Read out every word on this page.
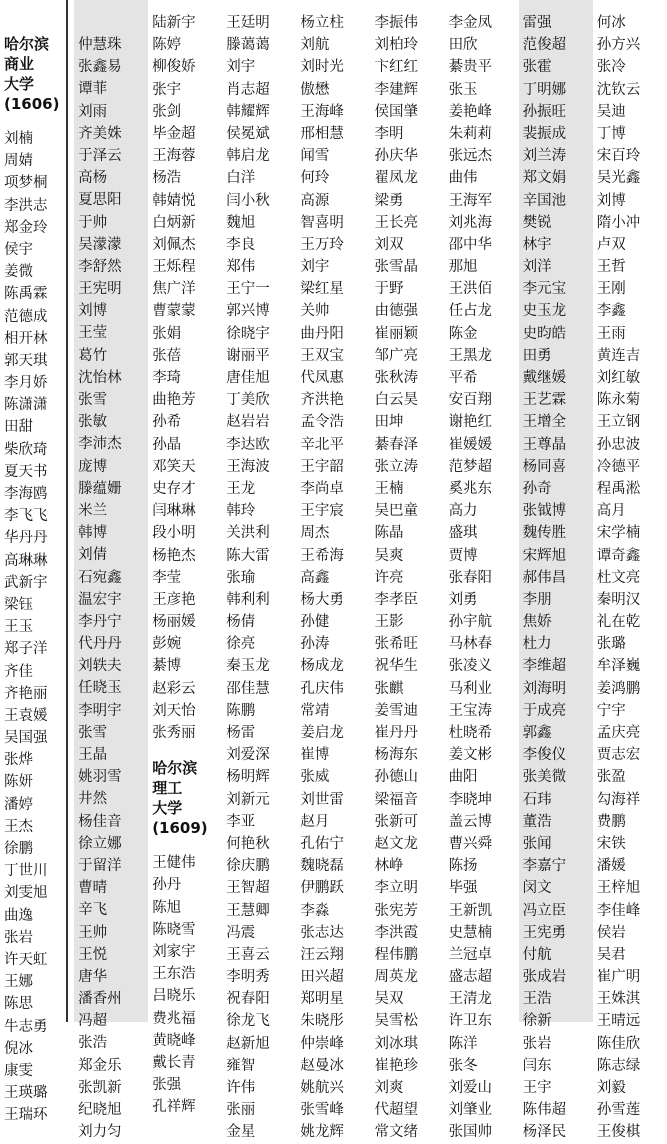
哈尔滨
商业
大学
(1606)
刘楠
周婧
项梦桐
李洪志
郑金玲
侯宇
姜微
陈禹霖
范德成
相开林
郭天琪
李月娇
陈潇潇
田甜
柴欣琦
夏天书
李海鸥
李飞飞
华丹丹
高琳琳
武新宇
梁钰
王玉
郑子洋
齐佳
齐艳丽
王袁媛
吴国强
张烨
陈妍
潘婷
王杰
徐鹏
丁世川
刘雯旭
曲逸
张岩
许天虹
王娜
陈思
牛志勇
倪冰
康雯
王瑛璐
王瑞环
仲慧珠
张鑫易
谭菲
刘雨
齐美姝
于泽云
高杨
夏思阳
于帅
吴濛濛
李舒然
王宪明
刘博
王莹
葛竹
沈怡林
张雪
张敏
李沛杰
庞博
滕蕴姗
米兰
韩博
刘倩
石宛鑫
温宏宇
李丹宁
代丹丹
刘轶夫
任晓玉
李明宇
张雪
王晶
姚羽雪
井然
杨佳音
徐立娜
于留洋
曹晴
辛飞
王帅
王悦
唐华
潘香州
冯超
张浩
郑金乐
张凯新
纪晓旭
刘力匀
陆新宇
陈婷
柳俊娇
张宇
张剑
毕金超
王海蓉
杨浩
韩婧悦
白炳新
刘佩杰
王烁程
焦广洋
曹蒙蒙
张娟
张蓓
李琦
曲艳芳
孙希
孙晶
邓笑天
史存才
闫琳琳
段小明
杨艳杰
李莹
王彦艳
杨丽媛
彭婉
綦博
赵彩云
刘天怡
张秀丽
哈尔滨
理工
大学
(1609)
王健伟
孙丹
陈旭
陈晓雪
刘家宇
王东浩
吕晓乐
费兆福
黄晓峰
戴长青
张强
孔祥辉
王廷明
滕蔼蔼
刘宇
肖志超
韩耀辉
侯冕斌
韩启龙
白洋
闫小秋
魏旭
李良
郑伟
王宁一
郭兴博
徐晓宇
谢丽平
唐佳旭
丁美欣
赵岩岩
李达欧
王海波
王龙
韩玲
关洪利
陈大雷
张瑜
韩利利
杨倩
徐亮
秦玉龙
邵佳慧
陈鹏
杨雷
刘爱深
杨明辉
刘新元
李亚
何艳秋
徐庆鹏
王智超
王慧卿
冯震
王喜云
李明秀
祝春阳
徐龙飞
赵新旭
雍智
许伟
张丽
金星
杨立柱
刘航
刘时光
傲懋
王海峰
邢相慧
闻雪
何玲
高源
智喜明
王万玲
刘宇
梁红星
关帅
曲丹阳
王双宝
代凤惠
齐洪艳
孟令浩
辛北平
王宇韶
李尚卓
王宇宸
周杰
王希海
高鑫
杨大勇
孙健
孙涛
杨成龙
孔庆伟
常靖
姜启龙
崔博
张威
刘世雷
赵月
孔佑宁
魏晓磊
伊鹏跃
李淼
张志达
汪云翔
田兴超
郑明星
朱晓彤
仲崇峰
赵曼冰
姚航兴
张雪峰
姚龙辉
李振伟
刘柏玲
卞红红
李建辉
侯国肇
李明
孙庆华
翟凤龙
梁勇
王长亮
刘双
张雪晶
于野
由德强
崔丽颖
邹广亮
张秋涛
白云昊
田坤
綦春泽
张立涛
王楠
吴巴童
陈晶
吴爽
许亮
李孝臣
王影
张希旺
祝华生
张麒
姜雪迪
崔丹丹
杨海东
孙德山
梁福音
张新可
赵文龙
林峥
李立明
张宪芳
李洪霞
程伟鹏
周英龙
吴双
吴雪松
刘冰琪
崔艳珍
刘爽
代超望
常文绪
李金凤
田欣
綦贵平
张玉
姜艳峰
朱莉莉
张远杰
曲伟
王海军
刘兆海
邵中华
那旭
王洪佰
任占龙
陈金
王黑龙
平希
安百翔
谢艳红
崔媛媛
范梦超
奚兆东
高力
盛琪
贾博
张春阳
刘勇
孙宇航
马林春
张凌义
马利业
王宝涛
杜晓希
姜文彬
曲阳
李晓坤
盖云博
曹兴舜
陈扬
毕强
王新凯
史慧楠
兰冠卓
盛志超
王清龙
许卫东
陈洋
张冬
刘爱山
刘肇业
张国帅
雷强
范俊超
张霍
丁明娜
孙振旺
裴振成
刘兰涛
郑文娟
辛国池
樊锐
林宇
刘洋
李元宝
史玉龙
史昀皓
田勇
戴继媛
王艺霖
王增全
王尊晶
杨同喜
孙奇
张钺博
魏传胜
宋辉旭
郝伟昌
李朋
焦娇
杜力
李维超
刘海明
于成亮
郭鑫
李俊仪
张美微
石玮
董浩
张闻
李嘉宁
闵文
冯立臣
王宪勇
付航
张成岩
王浩
徐新
张岩
闫东
王宇
陈伟超
杨泽民
何冰
孙方兴
张冷
沈钦云
吴迪
丁博
宋百玲
吴光鑫
刘博
隋小冲
卢双
王哲
王刚
李鑫
王雨
黄连吉
刘红敏
陈永菊
王立钢
孙忠波
冷德平
程禹淞
高月
宋学楠
谭奇鑫
杜文亮
秦明汉
礼在乾
张璐
牟泽巍
姜鸿鹏
宁宇
孟庆亮
贾志宏
张盈
勾海祥
费鹏
宋铁
潘媛
王梓旭
李佳峰
侯岩
吴君
崔广明
王姝淇
王晴远
陈佳欣
陈志绿
刘毅
孙雪莲
王俊棋
